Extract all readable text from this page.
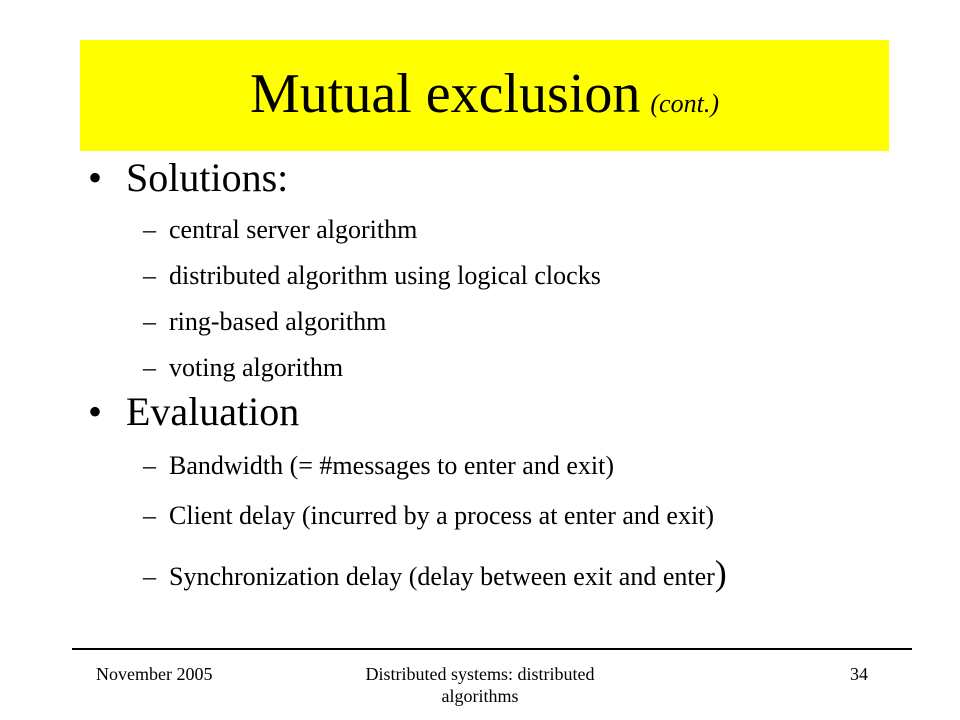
Mutual exclusion (cont.)
• Solutions:
– central server algorithm
– distributed algorithm using logical clocks
– ring-based algorithm
– voting algorithm
• Evaluation
– Bandwidth (= #messages to enter and exit)
– Client delay (incurred by a process at enter and exit)
– Synchronization delay (delay between exit and enter)
November 2005	Distributed systems: distributed algorithms
34
